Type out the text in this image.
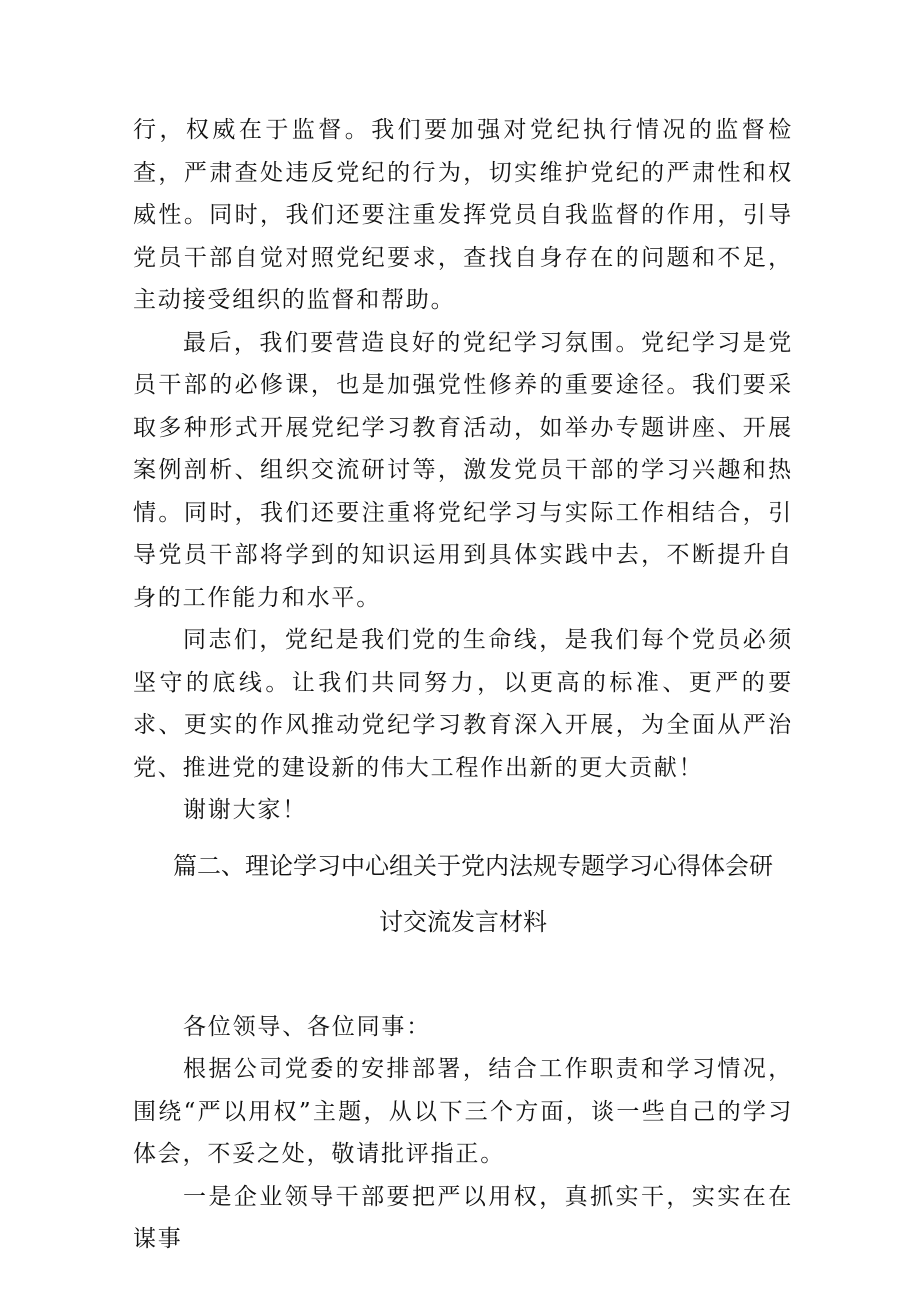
行，权威在于监督。我们要加强对党纪执行情况的监督检查，严肃查处违反党纪的行为，切实维护党纪的严肃性和权威性。同时，我们还要注重发挥党员自我监督的作用，引导党员干部自觉对照党纪要求，查找自身存在的问题和不足，主动接受组织的监督和帮助。

最后，我们要营造良好的党纪学习氛围。党纪学习是党员干部的必修课，也是加强党性修养的重要途径。我们要采取多种形式开展党纪学习教育活动，如举办专题讲座、开展案例剖析、组织交流研讨等，激发党员干部的学习兴趣和热情。同时，我们还要注重将党纪学习与实际工作相结合，引导党员干部将学到的知识运用到具体实践中去，不断提升自身的工作能力和水平。

同志们，党纪是我们党的生命线，是我们每个党员必须坚守的底线。让我们共同努力，以更高的标准、更严的要求、更实的作风推动党纪学习教育深入开展，为全面从严治党、推进党的建设新的伟大工程作出新的更大贡献！

谢谢大家！

篇二、理论学习中心组关于党内法规专题学习心得体会研
讨交流发言材料

各位领导、各位同事：

根据公司党委的安排部署，结合工作职责和学习情况，围绕“严以用权”主题，从以下三个方面，谈一些自己的学习体会，不妥之处，敬请批评指正。

一是企业领导干部要把严以用权，真抓实干，实实在在谋事
